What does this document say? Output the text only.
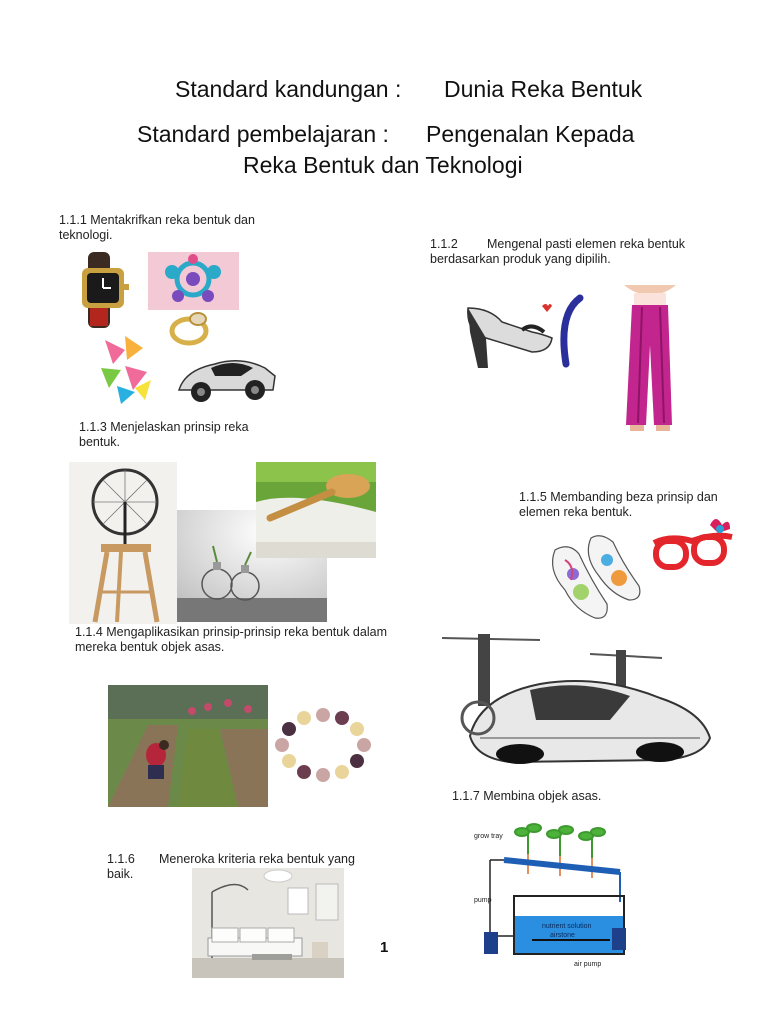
Standard kandungan : Dunia Reka Bentuk
Standard pembelajaran : Pengenalan Kepada
Reka Bentuk dan Teknologi
1.1.1 Mentakrifkan reka bentuk dan teknologi.
1.1.2	Mengenal pasti elemen reka bentuk berdasarkan produk yang dipilih.
1.1.3 Menjelaskan prinsip reka bentuk.
1.1.5 Membanding beza prinsip dan elemen reka bentuk.
1.1.4 Mengaplikasikan prinsip-prinsip reka bentuk dalam mereka bentuk objek asas.
1.1.7 Membina objek asas.
1.1.6	Meneroka kriteria reka bentuk yang baik.
1
grow tray
pump
nutrient solution
airstone
air pump
